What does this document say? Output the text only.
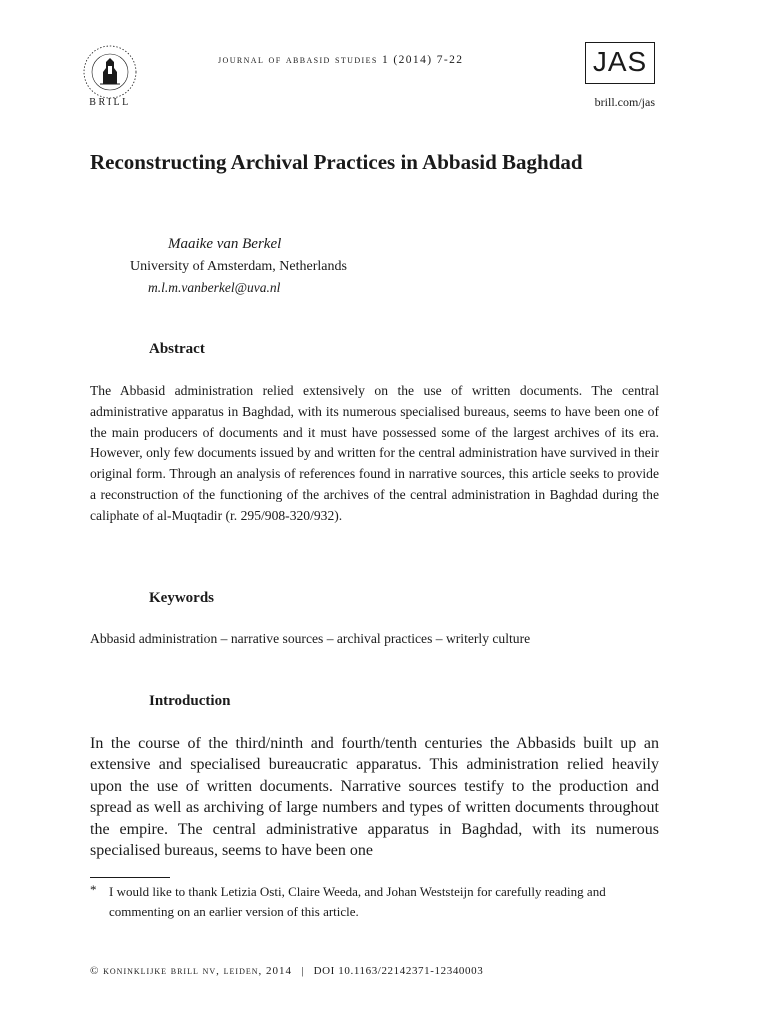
BRILL
journal of abbasid studies 1 (2014) 7-22	JAS
brill.com/jas
Reconstructing Archival Practices in Abbasid Baghdad
Maaike van Berkel
University of Amsterdam, Netherlands
m.l.m.vanberkel@uva.nl
Abstract

The Abbasid administration relied extensively on the use of written documents. The central administrative apparatus in Baghdad, with its numerous specialised bureaus, seems to have been one of the main producers of documents and it must have possessed some of the largest archives of its era. However, only few documents issued by and written for the central administration have survived in their original form. Through an analysis of references found in narrative sources, this article seeks to provide a reconstruction of the functioning of the archives of the central administration in Baghdad during the caliphate of al-Muqtadir (r. 295/908-320/932).

Keywords
Abbasid administration – narrative sources – archival practices – writerly culture
Introduction

In the course of the third/ninth and fourth/tenth centuries the Abbasids built up an extensive and specialised bureaucratic apparatus. This administration relied heavily upon the use of written documents. Narrative sources testify to the production and spread as well as archiving of large numbers and types of written documents throughout the empire. The central administrative apparatus in Baghdad, with its numerous specialised bureaus, seems to have been one

* I would like to thank Letizia Osti, Claire Weeda, and Johan Weststeijn for carefully reading and commenting on an earlier version of this article.

© koninklijke brill nv, leiden, 2014 | DOI 10.1163/22142371-12340003
